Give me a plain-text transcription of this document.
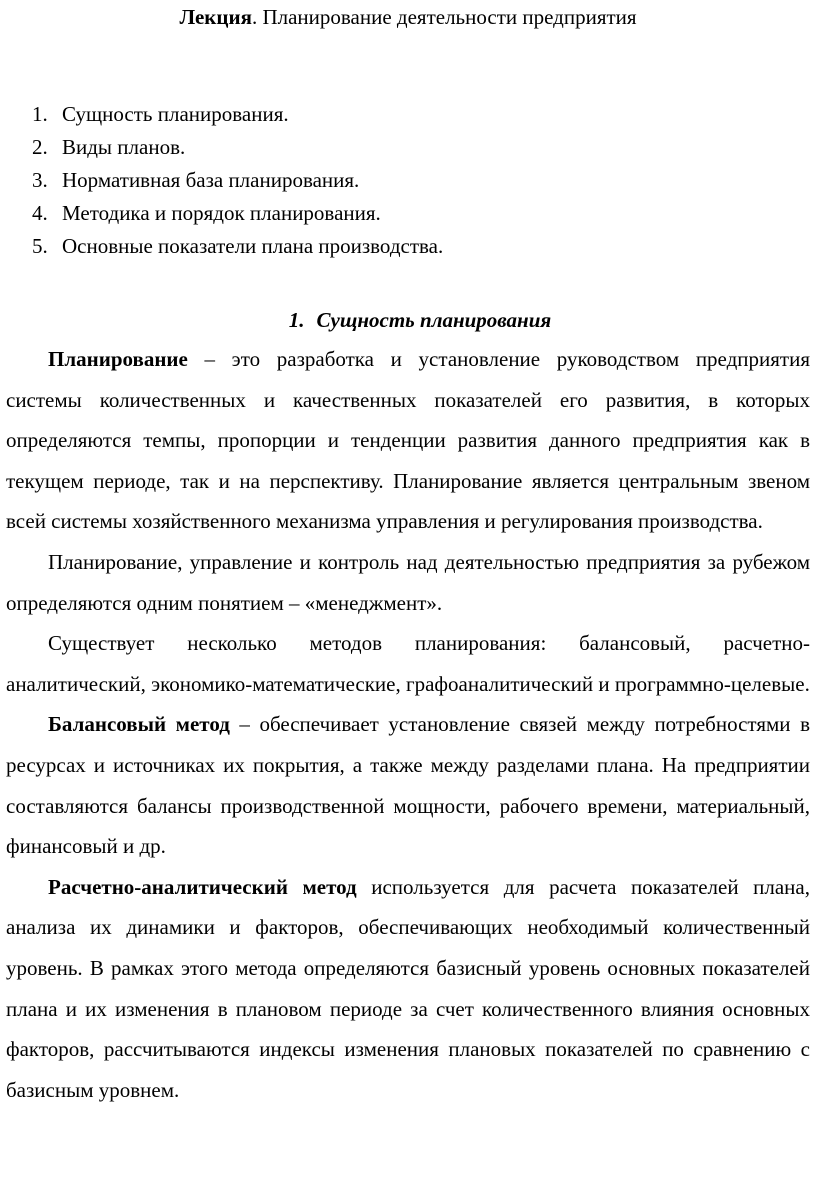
Лекция. Планирование деятельности предприятия
1. Сущность планирования.
2. Виды планов.
3. Нормативная база планирования.
4. Методика и порядок планирования.
5. Основные показатели плана производства.
1. Сущность планирования

Планирование – это разработка и установление руководством предприятия системы количественных и качественных показателей его развития, в которых определяются темпы, пропорции и тенденции развития данного предприятия как в текущем периоде, так и на перспективу. Планирование является центральным звеном всей системы хозяйственного механизма управления и регулирования производства.

Планирование, управление и контроль над деятельностью предприятия за рубежом определяются одним понятием – «менеджмент».

Существует несколько методов планирования: балансовый, расчетно-аналитический, экономико-математические, графоаналитический и программно-целевые.

Балансовый метод – обеспечивает установление связей между потребностями в ресурсах и источниках их покрытия, а также между разделами плана. На предприятии составляются балансы производственной мощности, рабочего времени, материальный, финансовый и др.

Расчетно-аналитический метод используется для расчета показателей плана, анализа их динамики и факторов, обеспечивающих необходимый количественный уровень. В рамках этого метода определяются базисный уровень основных показателей плана и их изменения в плановом периоде за счет количественного влияния основных факторов, рассчитываются индексы изменения плановых показателей по сравнению с базисным уровнем.
